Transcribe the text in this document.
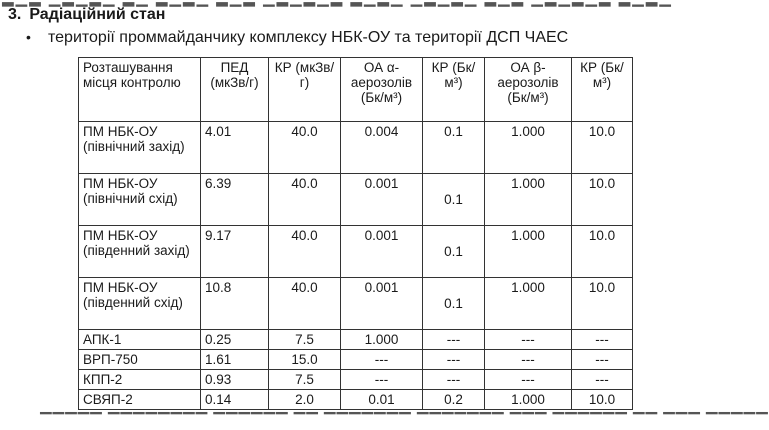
3. Радіаційний стан
• території проммайданчику комплексу НБК-ОУ та території ДСП ЧАЕС
Розташування місця контролю	ПЕД (мкЗв/г)	КР (мкЗв/г)	ОА α-аерозолів (Бк/м³)	КР (Бк/м³)	ОА β-аерозолів (Бк/м³)	КР (Бк/м³)
ПМ НБК-ОУ (північний захід)	4.01	40.0	0.004	0.1	1.000	10.0
ПМ НБК-ОУ (північний схід)	6.39	40.0	0.001	0.1	1.000	10.0
ПМ НБК-ОУ (південний захід)	9.17	40.0	0.001	0.1	1.000	10.0
ПМ НБК-ОУ (південний схід)	10.8	40.0	0.001	0.1	1.000	10.0
АПК-1	0.25	7.5	1.000	---	---	---
ВРП-750	1.61	15.0	---	---	---	---
КПП-2	0.93	7.5	---	---	---	---
СВЯП-2	0.14	2.0	0.01	0.2	1.000	10.0
▔▔▔▔▔ ▔▔▔▔▔▔▔▔ ▔▔▔▔▔▔ ▔▔ ▔▔▔▔▔▔▔ ▔▔▔▔▔▔▔ ▔▔▔ ▔▔▔▔▔▔ ▔▔ ▔▔▔ ▔▔▔▔▔
